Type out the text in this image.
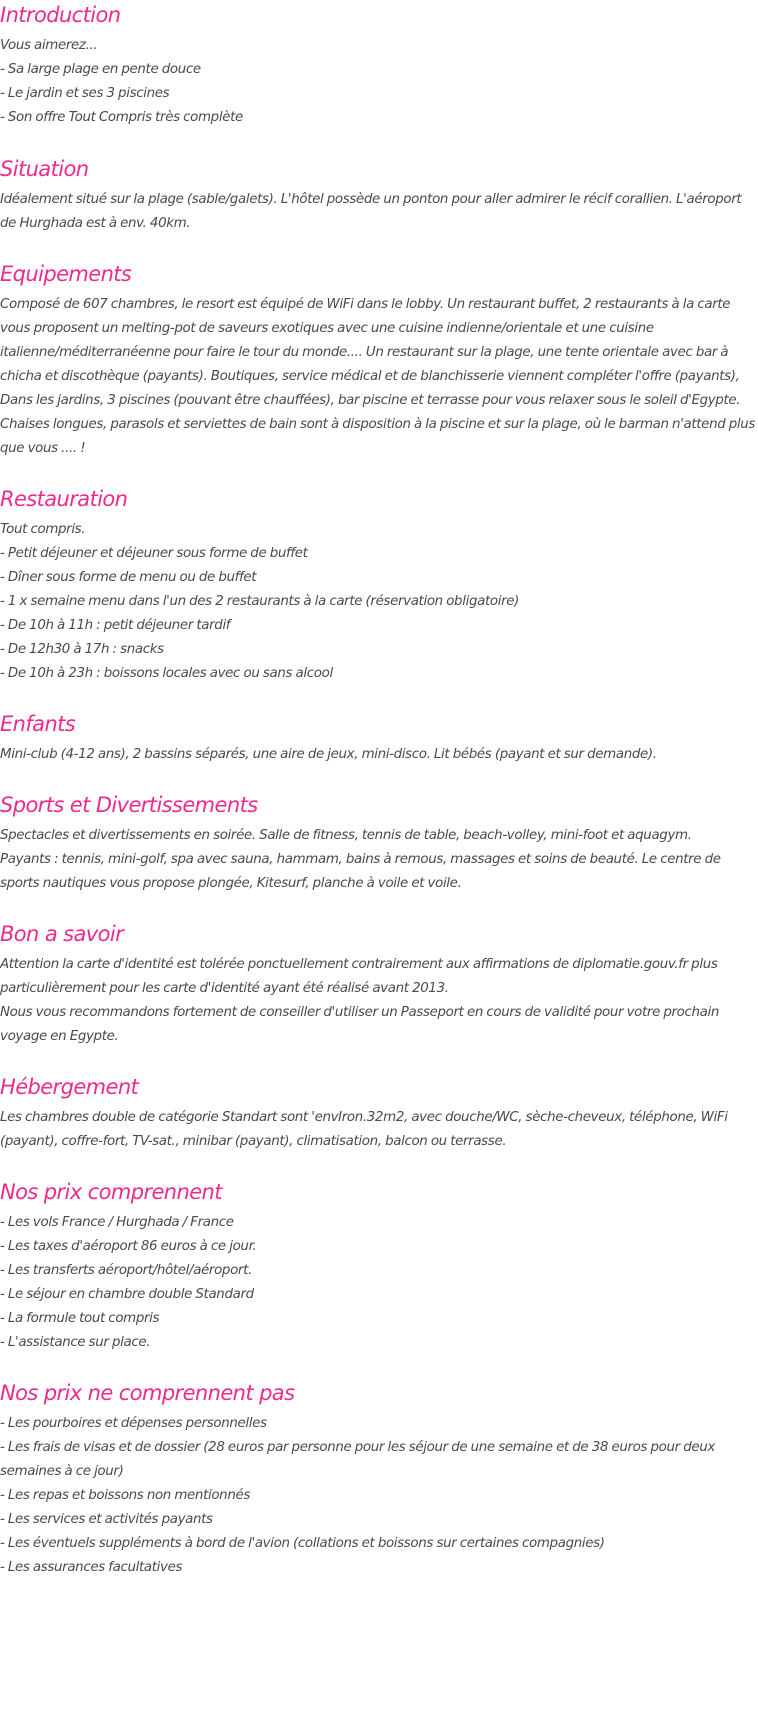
Introduction
Vous aimerez...
- Sa large plage en pente douce
- Le jardin et ses 3 piscines
- Son offre Tout Compris très complète
Situation
Idéalement situé sur la plage (sable/galets). L'hôtel possède un ponton pour aller admirer le récif corallien. L'aéroport de Hurghada est à env. 40km.
Equipements
Composé de 607 chambres, le resort est équipé de WiFi dans le lobby. Un restaurant buffet, 2 restaurants à la carte vous proposent un melting-pot de saveurs exotiques avec une cuisine indienne/orientale et une cuisine italienne/méditerranéenne pour faire le tour du monde.... Un restaurant sur la plage, une tente orientale avec bar à chicha et discothèque (payants). Boutiques, service médical et de blanchisserie viennent compléter l'offre (payants), Dans les jardins, 3 piscines (pouvant être chauffées), bar piscine et terrasse pour vous relaxer sous le soleil d'Egypte. Chaises longues, parasols et serviettes de bain sont à disposition à la piscine et sur la plage, où le barman n'attend plus que vous .... !
Restauration
Tout compris.
- Petit déjeuner et déjeuner sous forme de buffet
- Dîner sous forme de menu ou de buffet
- 1 x semaine menu dans l'un des 2 restaurants à la carte (réservation obligatoire)
- De 10h à 11h : petit déjeuner tardif
- De 12h30 à 17h : snacks
- De 10h à 23h : boissons locales avec ou sans alcool
Enfants
Mini-club (4-12 ans), 2 bassins séparés, une aire de jeux, mini-disco. Lit bébés (payant et sur demande).
Sports et Divertissements
Spectacles et divertissements en soirée. Salle de fitness, tennis de table, beach-volley, mini-foot et aquagym.
Payants : tennis, mini-golf, spa avec sauna, hammam, bains à remous, massages et soins de beauté. Le centre de sports nautiques vous propose plongée, Kitesurf, planche à voile et voile.
Bon a savoir
Attention la carte d'identité est tolérée ponctuellement contrairement aux affirmations de diplomatie.gouv.fr plus particulièrement pour les carte d'identité ayant été réalisé avant 2013.
Nous vous recommandons fortement de conseiller d'utiliser un Passeport en cours de validité pour votre prochain voyage en Egypte.
Hébergement
Les chambres double de catégorie Standart sont 'envIron.32m2, avec douche/WC, sèche-cheveux, téléphone, WiFi (payant), coffre-fort, TV-sat., minibar (payant), climatisation, balcon ou terrasse.
Nos prix comprennent
- Les vols France / Hurghada / France
- Les taxes d'aéroport 86 euros à ce jour.
- Les transferts aéroport/hôtel/aéroport.
- Le séjour en chambre double Standard
- La formule tout compris
- L'assistance sur place.
Nos prix ne comprennent pas
- Les pourboires et dépenses personnelles
- Les frais de visas et de dossier (28 euros par personne pour les séjour de une semaine et de 38 euros pour deux semaines à ce jour)
- Les repas et boissons non mentionnés
- Les services et activités payants
- Les éventuels suppléments à bord de l'avion (collations et boissons sur certaines compagnies)
- Les assurances facultatives
